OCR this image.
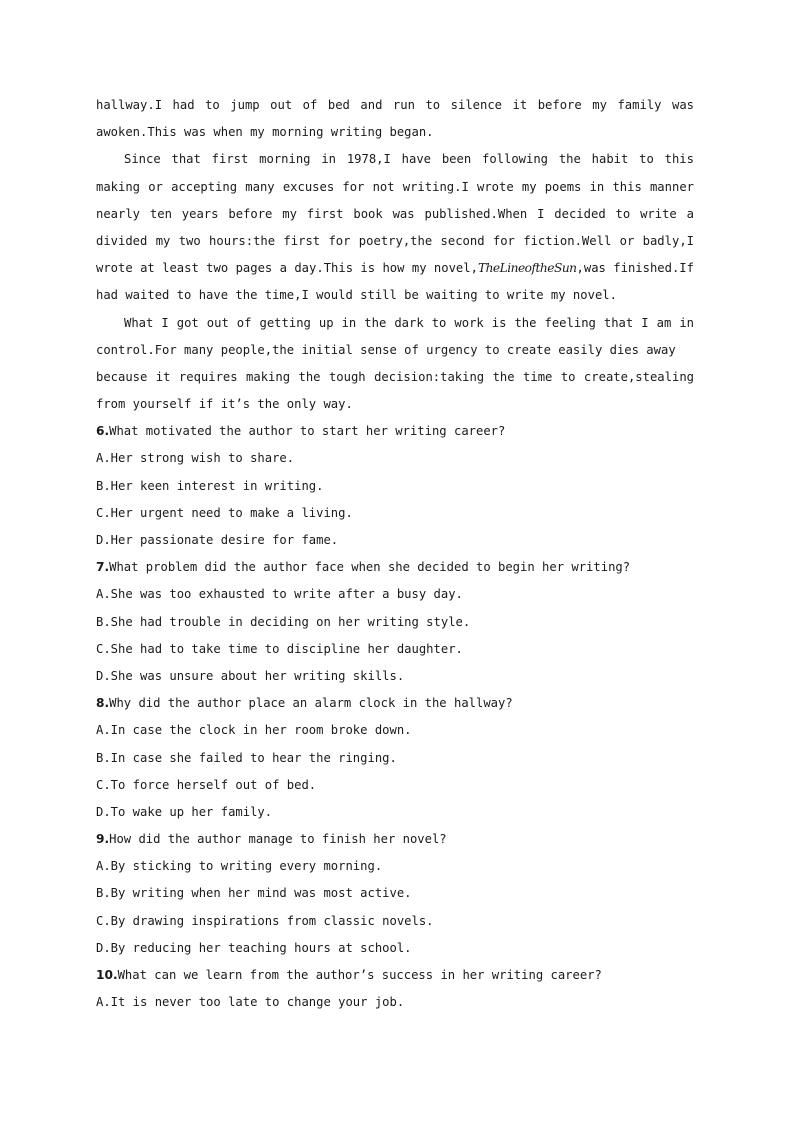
hallway.I had to jump out of bed and run to silence it before my family was
awoken.This was when my morning writing began.
Since that first morning in 1978,I have been following the habit to this
making or accepting many excuses for not writing.I wrote my poems in this manner
nearly ten years before my first book was published.When I decided to write a
divided my two hours:the first for poetry,the second for fiction.Well or badly,I
wrote at least two pages a day.This is how my novel,TheLineoftheSun,was finished.If
had waited to have the time,I would still be waiting to write my novel.
What I got out of getting up in the dark to work is the feeling that I am in
control.For many people,the initial sense of urgency to create easily dies away
because it requires making the tough decision:taking the time to create,stealing
from yourself if it’s the only way.
6.What motivated the author to start her writing career?
A.Her strong wish to share.
B.Her keen interest in writing.
C.Her urgent need to make a living.
D.Her passionate desire for fame.
7.What problem did the author face when she decided to begin her writing?
A.She was too exhausted to write after a busy day.
B.She had trouble in deciding on her writing style.
C.She had to take time to discipline her daughter.
D.She was unsure about her writing skills.
8.Why did the author place an alarm clock in the hallway?
A.In case the clock in her room broke down.
B.In case she failed to hear the ringing.
C.To force herself out of bed.
D.To wake up her family.
9.How did the author manage to finish her novel?
A.By sticking to writing every morning.
B.By writing when her mind was most active.
C.By drawing inspirations from classic novels.
D.By reducing her teaching hours at school.
10.What can we learn from the author’s success in her writing career?
A.It is never too late to change your job.
